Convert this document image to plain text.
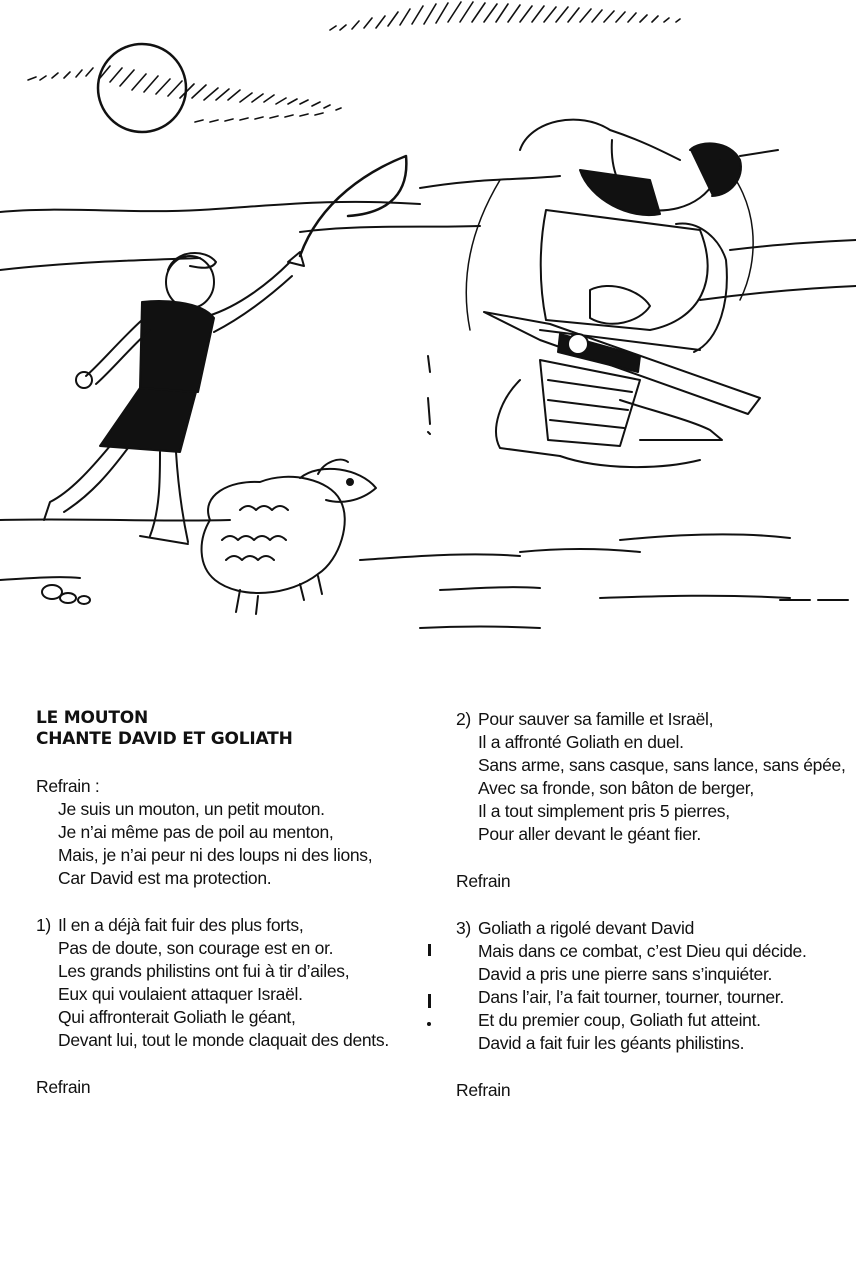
LE MOUTON
CHANTE DAVID ET GOLIATH

Refrain :
Je suis un mouton, un petit mouton.
Je n’ai même pas de poil au menton,
Mais, je n’ai peur ni des loups ni des lions,
Car David est ma protection.
1) Il en a déjà fait fuir des plus forts,
Pas de doute, son courage est en or.
Les grands philistins ont fui à tir d’ailes,
Eux qui voulaient attaquer Israël.
Qui affronterait Goliath le géant,
Devant lui, tout le monde claquait des dents.
Refrain
2) Pour sauver sa famille et Israël,
Il a affronté Goliath en duel.
Sans arme, sans casque, sans lance, sans épée,
Avec sa fronde, son bâton de berger,
Il a tout simplement pris 5 pierres,
Pour aller devant le géant fier.
Refrain
3) Goliath a rigolé devant David
Mais dans ce combat, c’est Dieu qui décide.
David a pris une pierre sans s’inquiéter.
Dans l’air, l’a fait tourner, tourner, tourner.
Et du premier coup, Goliath fut atteint.
David a fait fuir les géants philistins.
Refrain
